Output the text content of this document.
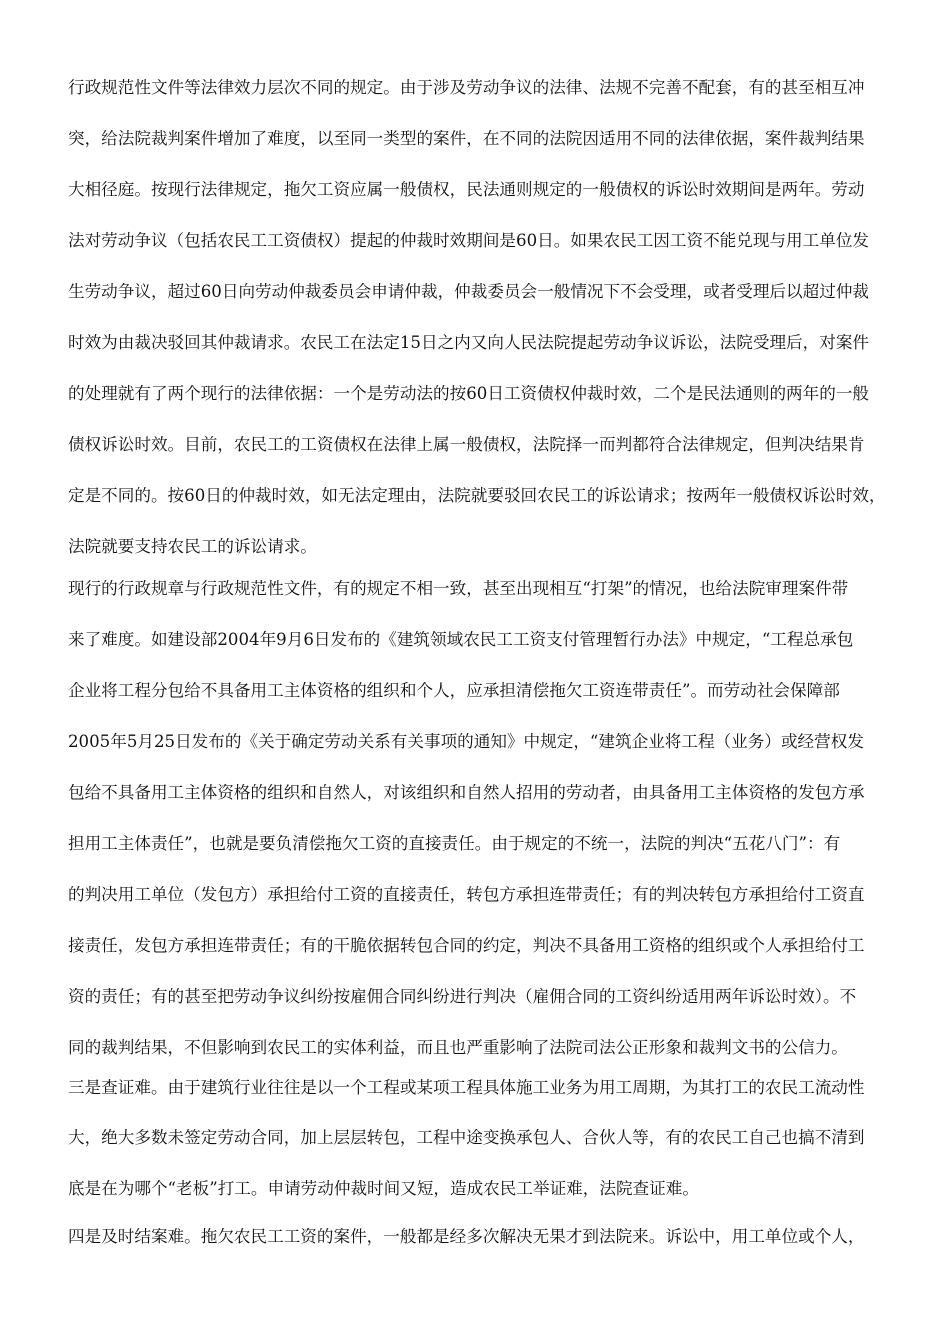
行政规范性文件等法律效力层次不同的规定。由于涉及劳动争议的法律、法规不完善不配套，有的甚至相互冲
突，给法院裁判案件增加了难度，以至同一类型的案件，在不同的法院因适用不同的法律依据，案件裁判结果
大相径庭。按现行法律规定，拖欠工资应属一般债权，民法通则规定的一般债权的诉讼时效期间是两年。劳动
法对劳动争议（包括农民工工资债权）提起的仲裁时效期间是60日。如果农民工因工资不能兑现与用工单位发
生劳动争议，超过60日向劳动仲裁委员会申请仲裁，仲裁委员会一般情况下不会受理，或者受理后以超过仲裁
时效为由裁决驳回其仲裁请求。农民工在法定15日之内又向人民法院提起劳动争议诉讼，法院受理后，对案件
的处理就有了两个现行的法律依据：一个是劳动法的按60日工资债权仲裁时效，二个是民法通则的两年的一般
债权诉讼时效。目前，农民工的工资债权在法律上属一般债权，法院择一而判都符合法律规定，但判决结果肯
定是不同的。按60日的仲裁时效，如无法定理由，法院就要驳回农民工的诉讼请求；按两年一般债权诉讼时效，
法院就要支持农民工的诉讼请求。
现行的行政规章与行政规范性文件，有的规定不相一致，甚至出现相互“打架”的情况，也给法院审理案件带
来了难度。如建设部2004年9月6日发布的《建筑领域农民工工资支付管理暂行办法》中规定，“工程总承包
企业将工程分包给不具备用工主体资格的组织和个人，应承担清偿拖欠工资连带责任”。而劳动社会保障部
2005年5月25日发布的《关于确定劳动关系有关事项的通知》中规定，“建筑企业将工程（业务）或经营权发
包给不具备用工主体资格的组织和自然人，对该组织和自然人招用的劳动者，由具备用工主体资格的发包方承
担用工主体责任”，也就是要负清偿拖欠工资的直接责任。由于规定的不统一，法院的判决“五花八门”：有
的判决用工单位（发包方）承担给付工资的直接责任，转包方承担连带责任；有的判决转包方承担给付工资直
接责任，发包方承担连带责任；有的干脆依据转包合同的约定，判决不具备用工资格的组织或个人承担给付工
资的责任；有的甚至把劳动争议纠纷按雇佣合同纠纷进行判决（雇佣合同的工资纠纷适用两年诉讼时效）。不
同的裁判结果，不但影响到农民工的实体利益，而且也严重影响了法院司法公正形象和裁判文书的公信力。
三是查证难。由于建筑行业往往是以一个工程或某项工程具体施工业务为用工周期，为其打工的农民工流动性
大，绝大多数未签定劳动合同，加上层层转包，工程中途变换承包人、合伙人等，有的农民工自己也搞不清到
底是在为哪个“老板”打工。申请劳动仲裁时间又短，造成农民工举证难，法院查证难。
四是及时结案难。拖欠农民工工资的案件，一般都是经多次解决无果才到法院来。诉讼中，用工单位或个人，
